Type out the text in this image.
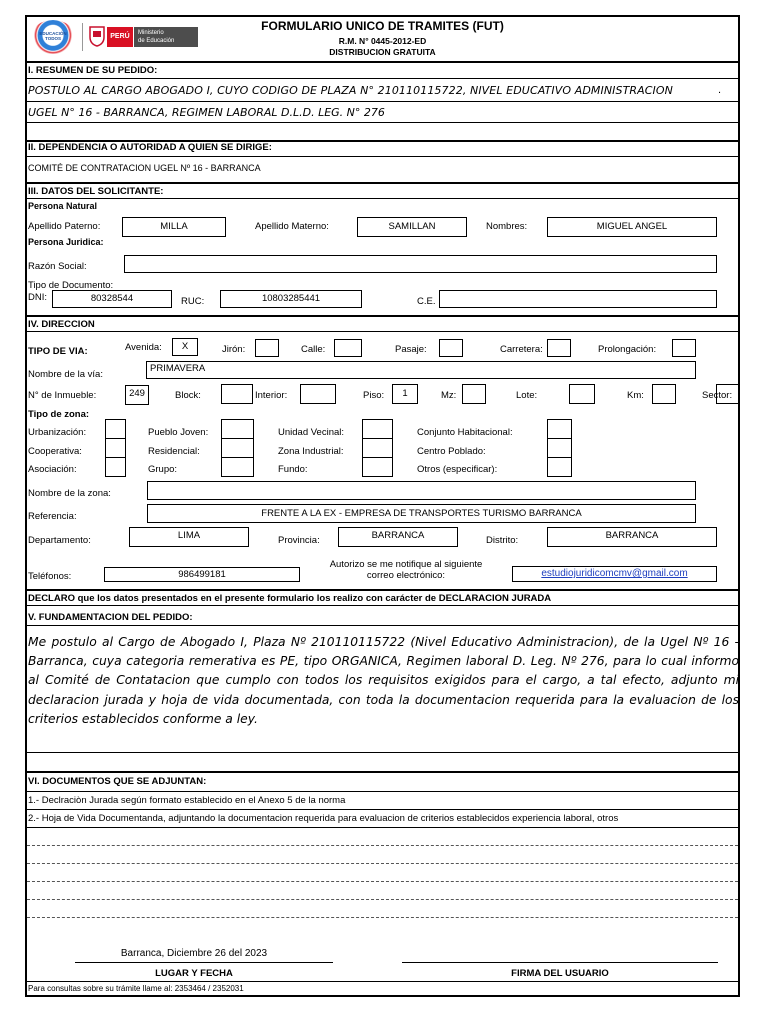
EDUCACIÓN
TODOS	PERÚ	Ministerio
de Educación
FORMULARIO UNICO DE TRAMITES (FUT)
R.M. N° 0445-2012-ED
DISTRIBUCION GRATUITA
I. RESUMEN DE SU PEDIDO:
POSTULO AL CARGO ABOGADO I, CUYO CODIGO DE PLAZA N° 210110115722, NIVEL EDUCATIVO ADMINISTRACION	.
UGEL N° 16 - BARRANCA, REGIMEN LABORAL D.L.D. LEG. N° 276
II. DEPENDENCIA O AUTORIDAD A QUIEN SE DIRIGE:
COMITÉ DE CONTRATACION UGEL Nº 16 - BARRANCA
III. DATOS DEL SOLICITANTE:
Persona Natural
Apellido Paterno:	MILLA	Apellido Materno:	SAMILLAN	Nombres:	MIGUEL ANGEL
Persona Juridica:
Razón Social:
Tipo de Documento:
DNI:	80328544	RUC:	10803285441	C.E.
IV. DIRECCION
TIPO DE VIA:	Avenida:	X	Jirón:	Calle:	Pasaje:	Carretera:	Prolongación:
Nombre de la vía:
PRIMAVERA
N° de Inmueble:	249	Block:	Interior:	Piso:	1	Mz:	Lote:	Km:	Sector:
Tipo de zona:
Urbanización:	Pueblo Joven:	Unidad Vecinal:	Conjunto Habitacional:
Cooperativa:	Residencial:	Zona Industrial:	Centro Poblado:
Asociación:	Grupo:	Fundo:	Otros (especificar):
Nombre de la zona:
Referencia:	FRENTE A LA EX - EMPRESA DE TRANSPORTES TURISMO BARRANCA
Departamento:	LIMA	Provincia:	BARRANCA	Distrito:	BARRANCA
Teléfonos:	986499181
Autorizo se me notifique al siguiente
correo electrónico:	estudiojuridicomcmv@gmail.com
DECLARO que los datos presentados en el presente formulario los realizo con carácter de DECLARACION JURADA
V. FUNDAMENTACION DEL PEDIDO:
Me postulo al Cargo de Abogado I, Plaza Nº 210110115722 (Nivel Educativo Administracion), de la Ugel Nº 16 - Barranca, cuya categoria remerativa es PE, tipo ORGANICA, Regimen laboral D. Leg. Nº 276, para lo cual informo al Comité de Contatacion que cumplo con todos los requisitos exigidos para el cargo, a tal efecto, adjunto mi declaracion jurada y hoja de vida documentada, con toda la documentacion requerida para la evaluacion de los criterios establecidos conforme a ley.
VI. DOCUMENTOS QUE SE ADJUNTAN:
1.- Declraciòn Jurada según formato establecido en el Anexo 5 de la norma
2.- Hoja de Vida Documentanda, adjuntando la documentacion requerida para evaluacion de criterios establecidos experiencia laboral, otros
Barranca, Diciembre 26 del 2023
LUGAR Y FECHA	FIRMA DEL USUARIO
Para consultas sobre su trámite llame al: 2353464 / 2352031
